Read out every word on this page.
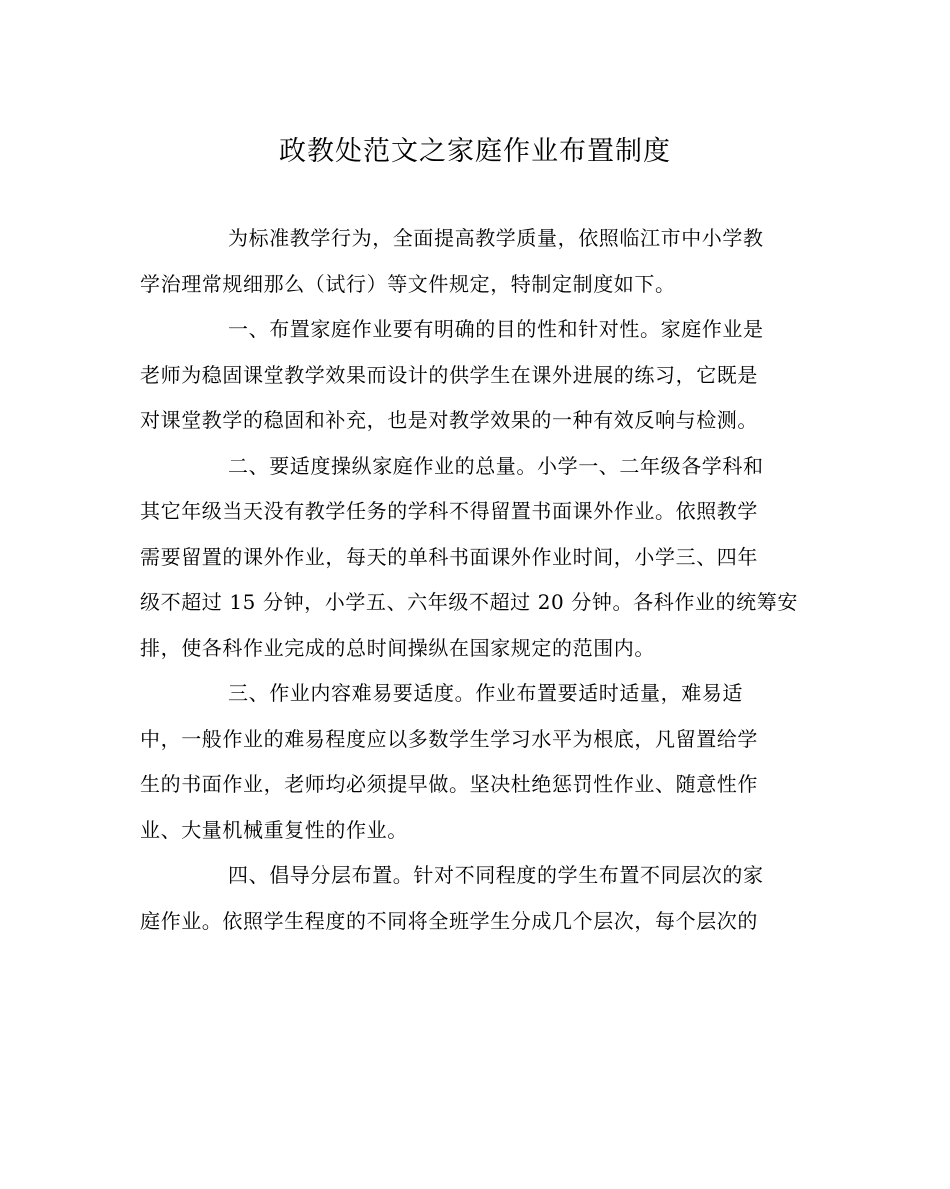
政教处范文之家庭作业布置制度
为标准教学行为，全面提高教学质量，依照临江市中小学教
学治理常规细那么（试行）等文件规定，特制定制度如下。
一、布置家庭作业要有明确的目的性和针对性。家庭作业是
老师为稳固课堂教学效果而设计的供学生在课外进展的练习，它既是
对课堂教学的稳固和补充，也是对教学效果的一种有效反响与检测。
二、要适度操纵家庭作业的总量。小学一、二年级各学科和
其它年级当天没有教学任务的学科不得留置书面课外作业。依照教学
需要留置的课外作业，每天的单科书面课外作业时间，小学三、四年
级不超过 15 分钟，小学五、六年级不超过 20 分钟。各科作业的统筹安
排，使各科作业完成的总时间操纵在国家规定的范围内。
三、作业内容难易要适度。作业布置要适时适量，难易适
中，一般作业的难易程度应以多数学生学习水平为根底，凡留置给学
生的书面作业，老师均必须提早做。坚决杜绝惩罚性作业、随意性作
业、大量机械重复性的作业。
四、倡导分层布置。针对不同程度的学生布置不同层次的家
庭作业。依照学生程度的不同将全班学生分成几个层次，每个层次的
